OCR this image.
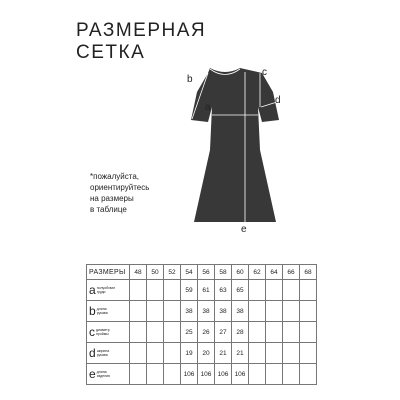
РАЗМЕРНАЯ
СЕТКА
a
b
c
d
e
*пожалуйста,
ориентируйтесь
на размеры
в таблице
РАЗМЕРЫ	48	50	52	54	56	58	60	62	64	66	68
aполуобхват
груди				59	61	63	65				
bдлина
рукава				38	38	38	38				
cдиаметр
проймы				25	26	27	28				
dширина
рукава				19	20	21	21				
eдлина
изделия				106	106	106	106				
